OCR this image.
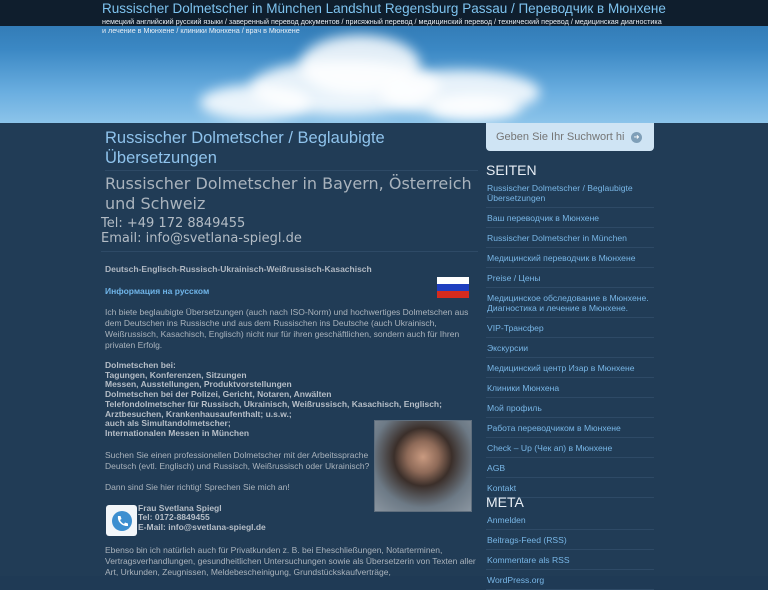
Russischer Dolmetscher in München Landshut Regensburg Passau / Переводчик в Мюнхене
немецкий английский русский языки / заверенный перевод документов / присяжный перевод / медицинский перевод / технический перевод / медицинская диагностика и лечение в Мюнхене / клиники Мюнхена / врач в Мюнхене
Russischer Dolmetscher / Beglaubigte
Übersetzungen
Russischer Dolmetscher in Bayern, Österreich
und Schweiz
Tel: +49 172 8849455
Email: info@svetlana-spiegl.de
Deutsch-Englisch-Russisch-Ukrainisch-Weißrussisch-Kasachisch
Информация на русском
Ich biete beglaubigte Übersetzungen (auch nach ISO-Norm) und hochwertiges Dolmetschen aus dem Deutschen ins Russische und aus dem Russischen ins Deutsche (auch Ukrainisch, Weißrussisch, Kasachisch, Englisch) nicht nur für ihren geschäftlichen, sondern auch für Ihren privaten Erfolg.
Dolmetschen bei:
Tagungen, Konferenzen, Sitzungen
Messen, Ausstellungen, Produktvorstellungen
Dolmetschen bei der Polizei, Gericht, Notaren, Anwälten
Telefondolmetscher für Russisch, Ukrainisch, Weißrussisch, Kasachisch, Englisch;
Arztbesuchen, Krankenhausaufenthalt; u.s.w.;
auch als Simultandolmetscher;
Internationalen Messen in München
Suchen Sie einen professionellen Dolmetscher mit der Arbeitssprache Deutsch (evtl. Englisch) und Russisch, Weißrussisch oder Ukrainisch?
Dann sind Sie hier richtig! Sprechen Sie mich an!
Frau Svetlana Spiegl
Tel: 0172-8849455
E-Mail: info@svetlana-spiegl.de
Ebenso bin ich natürlich auch für Privatkunden z. B. bei Eheschließungen, Notarterminen, Vertragsverhandlungen, gesundheitlichen Untersuchungen sowie als Übersetzerin von Texten aller Art, Urkunden, Zeugnissen, Meldebescheinigung, Grundstückskaufverträge,
Geben Sie Ihr Suchwort hi
➜
SEITEN
Russischer Dolmetscher / Beglaubigte Übersetzungen
Ваш переводчик в Мюнхене
Russischer Dolmetscher in München
Медицинский переводчик в Мюнхене
Preise / Цены
Медицинское обследование в Мюнхене. Диагностика и лечение в Мюнхене.
VIP-Трансфер
Экскурсии
Медицинский центр Изар в Мюнхене
Клиники Мюнхена
Мой профиль
Работа переводчиком в Мюнхене
Check – Up (Чек ап) в Мюнхене
AGB
Kontakt
META
Anmelden
Beitrags-Feed (RSS)
Kommentare als RSS
WordPress.org
